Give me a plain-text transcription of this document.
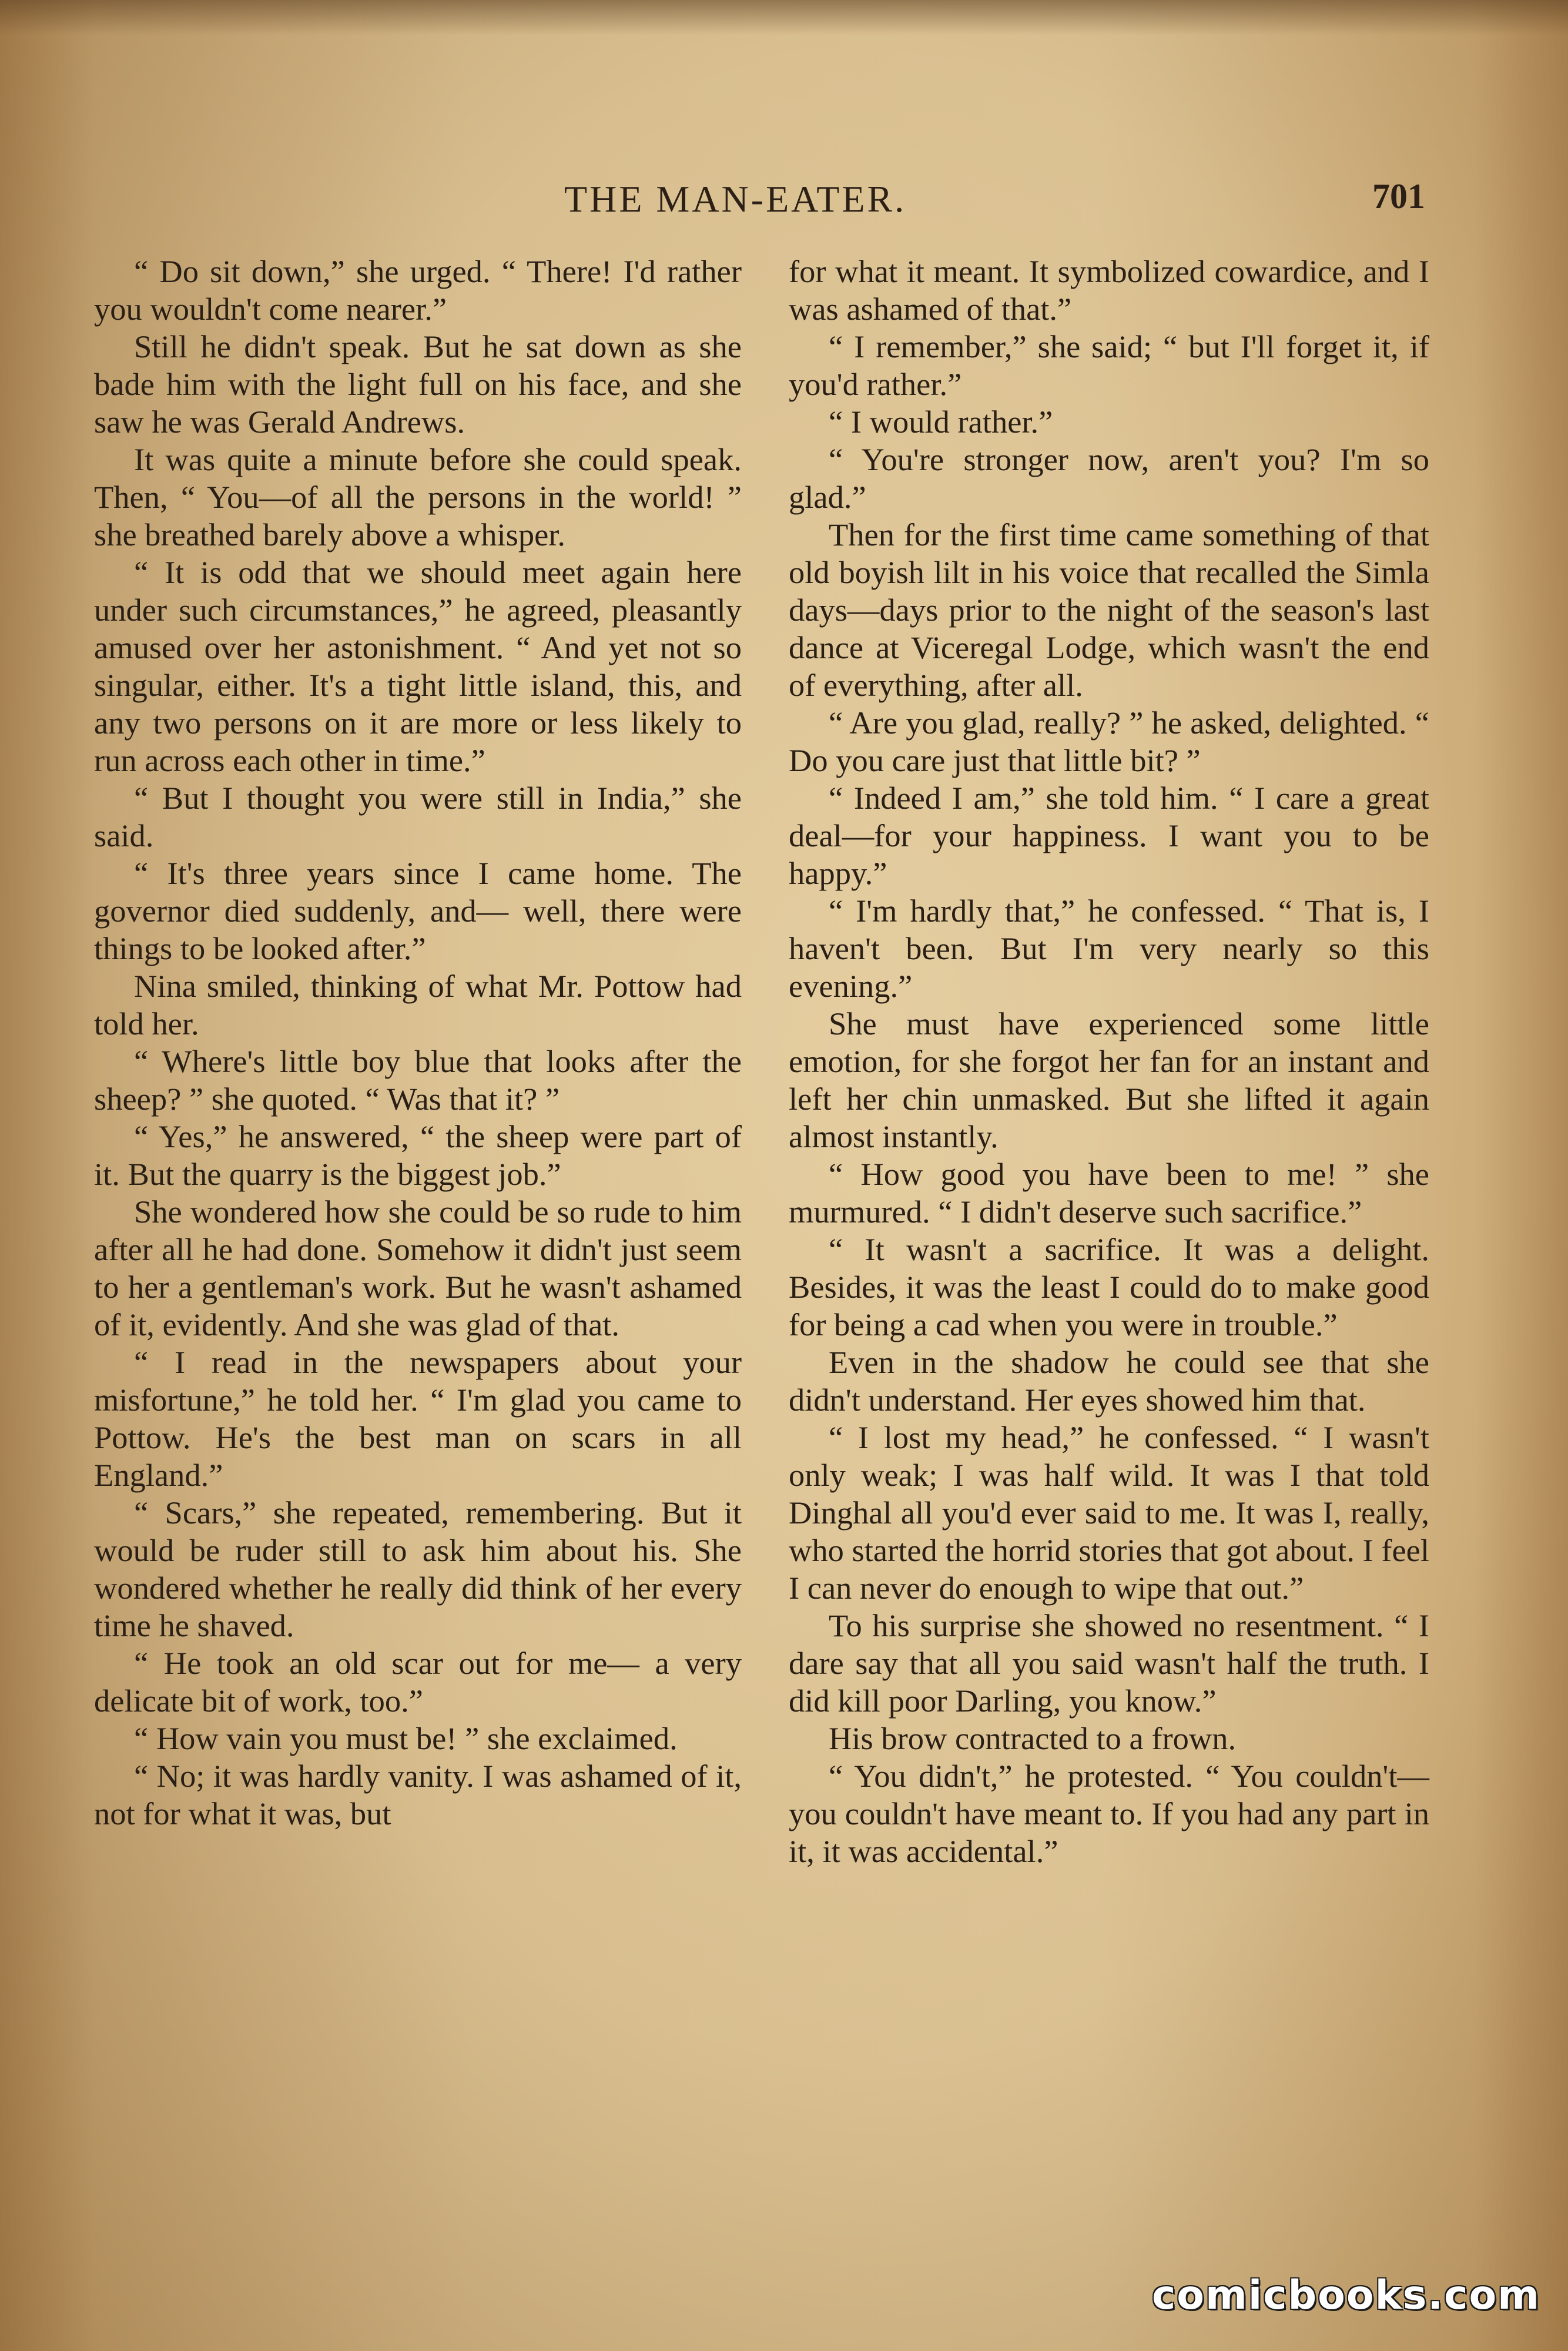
THE MAN-EATER.	701

“ Do sit down,” she urged. “ There! I'd rather you wouldn't come nearer.”

Still he didn't speak. But he sat down as she bade him with the light full on his face, and she saw he was Gerald Andrews.

It was quite a minute before she could speak. Then, “ You—of all the persons in the world! ” she breathed barely above a whisper.

“ It is odd that we should meet again here under such circumstances,” he agreed, pleasantly amused over her astonishment. “ And yet not so singular, either. It's a tight little island, this, and any two persons on it are more or less likely to run across each other in time.”

“ But I thought you were still in India,” she said.

“ It's three years since I came home. The governor died suddenly, and— well, there were things to be looked after.”

Nina smiled, thinking of what Mr. Pottow had told her.

“ Where's little boy blue that looks after the sheep? ” she quoted. “ Was that it? ”

“ Yes,” he answered, “ the sheep were part of it. But the quarry is the biggest job.”

She wondered how she could be so rude to him after all he had done. Somehow it didn't just seem to her a gentleman's work. But he wasn't ashamed of it, evidently. And she was glad of that.

“ I read in the newspapers about your misfortune,” he told her. “ I'm glad you came to Pottow. He's the best man on scars in all England.”

“ Scars,” she repeated, remembering. But it would be ruder still to ask him about his. She wondered whether he really did think of her every time he shaved.

“ He took an old scar out for me— a very delicate bit of work, too.”

“ How vain you must be! ” she exclaimed.

“ No; it was hardly vanity. I was ashamed of it, not for what it was, but

for what it meant. It symbolized cowardice, and I was ashamed of that.”

“ I remember,” she said; “ but I'll forget it, if you'd rather.”

“ I would rather.”

“ You're stronger now, aren't you? I'm so glad.”

Then for the first time came something of that old boyish lilt in his voice that recalled the Simla days—days prior to the night of the season's last dance at Viceregal Lodge, which wasn't the end of everything, after all.

“ Are you glad, really? ” he asked, delighted. “ Do you care just that little bit? ”

“ Indeed I am,” she told him. “ I care a great deal—for your happiness. I want you to be happy.”

“ I'm hardly that,” he confessed. “ That is, I haven't been. But I'm very nearly so this evening.”

She must have experienced some little emotion, for she forgot her fan for an instant and left her chin unmasked. But she lifted it again almost instantly.

“ How good you have been to me! ” she murmured. “ I didn't deserve such sacrifice.”

“ It wasn't a sacrifice. It was a delight. Besides, it was the least I could do to make good for being a cad when you were in trouble.”

Even in the shadow he could see that she didn't understand. Her eyes showed him that.

“ I lost my head,” he confessed. “ I wasn't only weak; I was half wild. It was I that told Dinghal all you'd ever said to me. It was I, really, who started the horrid stories that got about. I feel I can never do enough to wipe that out.”

To his surprise she showed no resentment. “ I dare say that all you said wasn't half the truth. I did kill poor Darling, you know.”

His brow contracted to a frown.

“ You didn't,” he protested. “ You couldn't—you couldn't have meant to. If you had any part in it, it was accidental.”

comicbooks.com
